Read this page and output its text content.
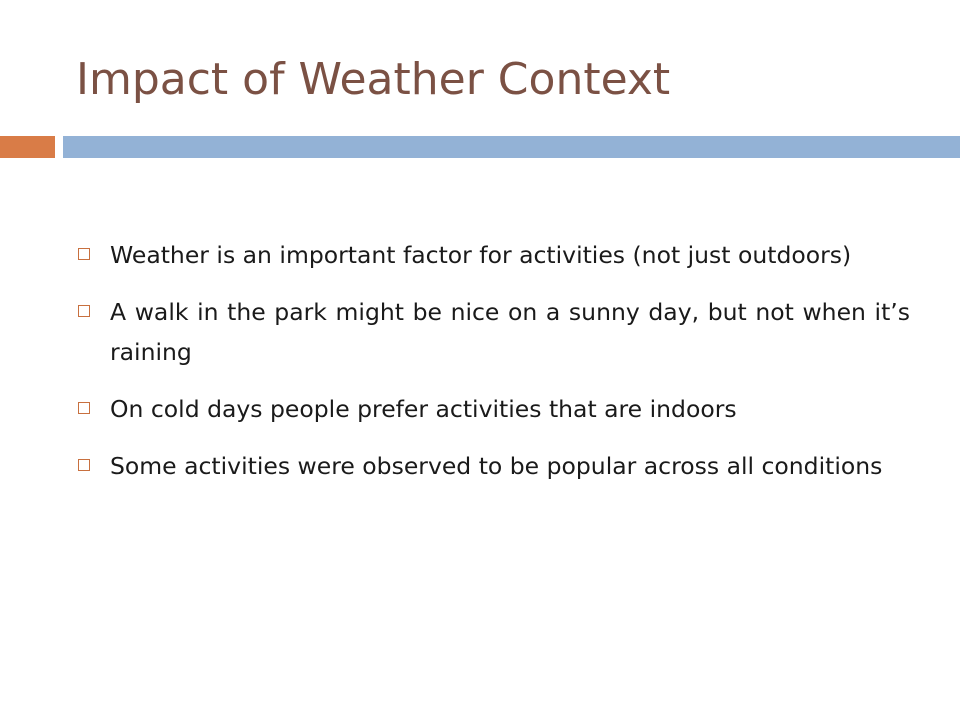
Impact of Weather Context
Weather is an important factor for activities (not just outdoors)
A walk in the park might be nice on a sunny day, but not when it’s raining
On cold days people prefer activities that are indoors
Some activities were observed to be popular across all conditions
